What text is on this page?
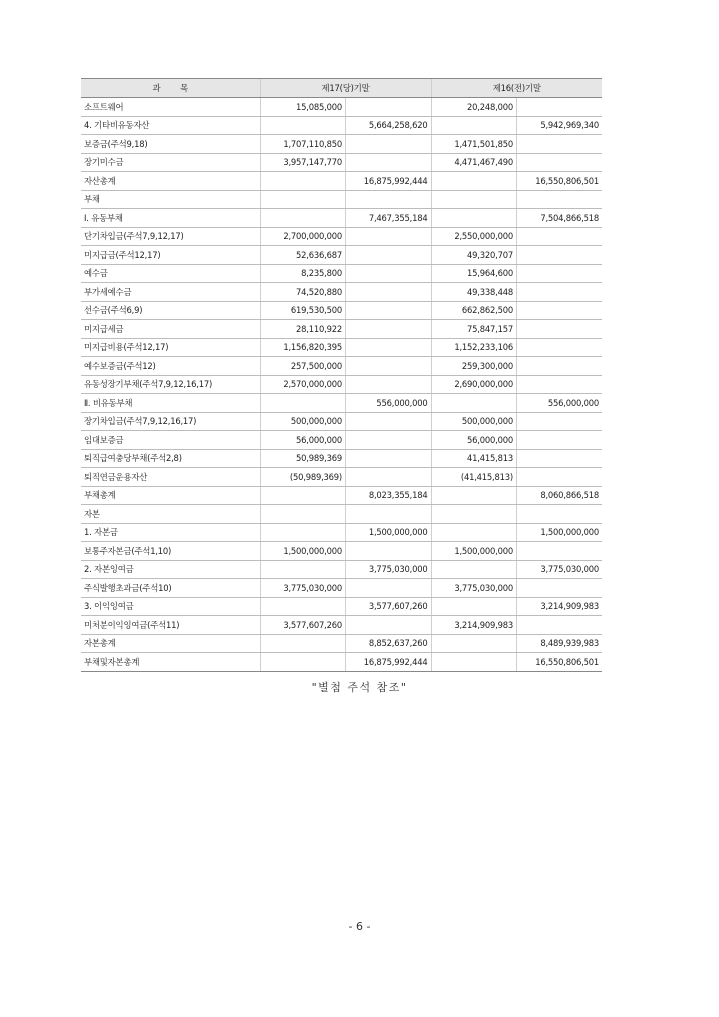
과        목	제17(당)기말		제16(전)기말	
소프트웨어	15,085,000		20,248,000	
4. 기타비유동자산		5,664,258,620		5,942,969,340
보증금(주석9,18)	1,707,110,850		1,471,501,850	
장기미수금	3,957,147,770		4,471,467,490	
자산총계		16,875,992,444		16,550,806,501
부채				
Ⅰ. 유동부채		7,467,355,184		7,504,866,518
단기차입금(주석7,9,12,17)	2,700,000,000		2,550,000,000	
미지급금(주석12,17)	52,636,687		49,320,707	
예수금	8,235,800		15,964,600	
부가세예수금	74,520,880		49,338,448	
선수금(주석6,9)	619,530,500		662,862,500	
미지급세금	28,110,922		75,847,157	
미지급비용(주석12,17)	1,156,820,395		1,152,233,106	
예수보증금(주석12)	257,500,000		259,300,000	
유동성장기부채(주석7,9,12,16,17)	2,570,000,000		2,690,000,000	
Ⅱ. 비유동부채		556,000,000		556,000,000
장기차입금(주석7,9,12,16,17)	500,000,000		500,000,000	
임대보증금	56,000,000		56,000,000	
퇴직급여충당부채(주석2,8)	50,989,369		41,415,813	
퇴직연금운용자산	(50,989,369)		(41,415,813)	
부채총계		8,023,355,184		8,060,866,518
자본				
1. 자본금		1,500,000,000		1,500,000,000
보통주자본금(주석1,10)	1,500,000,000		1,500,000,000	
2. 자본잉여금		3,775,030,000		3,775,030,000
주식발행초과금(주석10)	3,775,030,000		3,775,030,000	
3. 이익잉여금		3,577,607,260		3,214,909,983
미처분이익잉여금(주석11)	3,577,607,260		3,214,909,983	
자본총계		8,852,637,260		8,489,939,983
부채및자본총계		16,875,992,444		16,550,806,501
"별첨 주석 참조"
- 6 -
